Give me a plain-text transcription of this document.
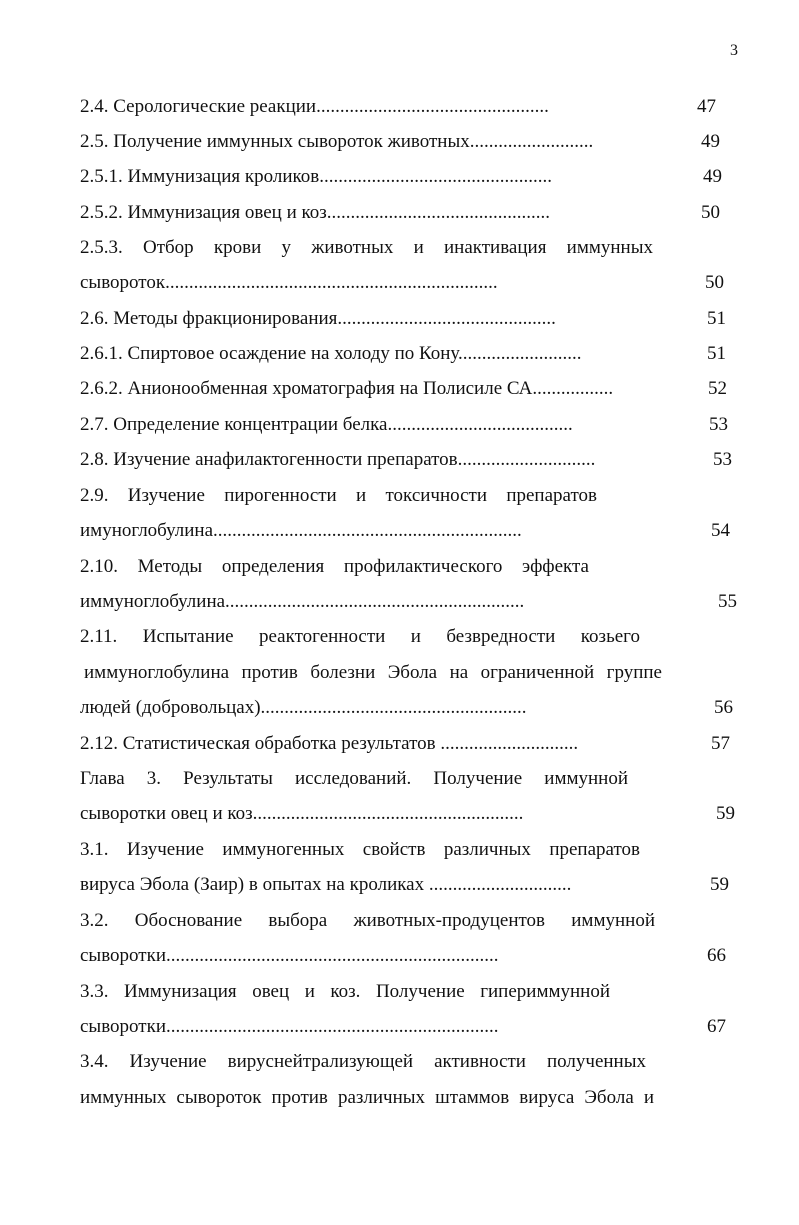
3
2.4. Серологические реакции.................................................	47
2.5. Получение иммунных сывороток животных..........................	49
2.5.1. Иммунизация кроликов.................................................	49
2.5.2. Иммунизация овец и коз...............................................	50
2.5.3. Отбор крови у животных и инактивация иммунных
сывороток......................................................................	50
2.6. Методы фракционирования..............................................	51
2.6.1. Спиртовое осаждение на холоду по Кону..........................	51
2.6.2. Анионообменная хроматография на Полисиле СА.................	52
2.7. Определение концентрации белка.......................................	53
2.8. Изучение анафилактогенности препаратов.............................	53
2.9. Изучение пирогенности и токсичности препаратов
имуноглобулина.................................................................	54
2.10. Методы определения профилактического эффекта
иммуноглобулина...............................................................	55
2.11. Испытание реактогенности и безвредности козьего
иммуноглобулина против болезни Эбола на ограниченной группе
людей (добровольцах)........................................................	56
2.12. Статистическая обработка результатов .............................	57
Глава 3. Результаты исследований. Получение иммунной
сыворотки овец и коз.........................................................	59
3.1. Изучение иммуногенных свойств различных препаратов
вируса Эбола (Заир) в опытах на кроликах ..............................	59
3.2. Обоснование выбора животных-продуцентов иммунной
сыворотки......................................................................	66
3.3. Иммунизация овец и коз. Получение гипериммунной
сыворотки......................................................................	67
3.4. Изучение вируснейтрализующей активности полученных
иммунных сывороток против различных штаммов вируса Эбола и
